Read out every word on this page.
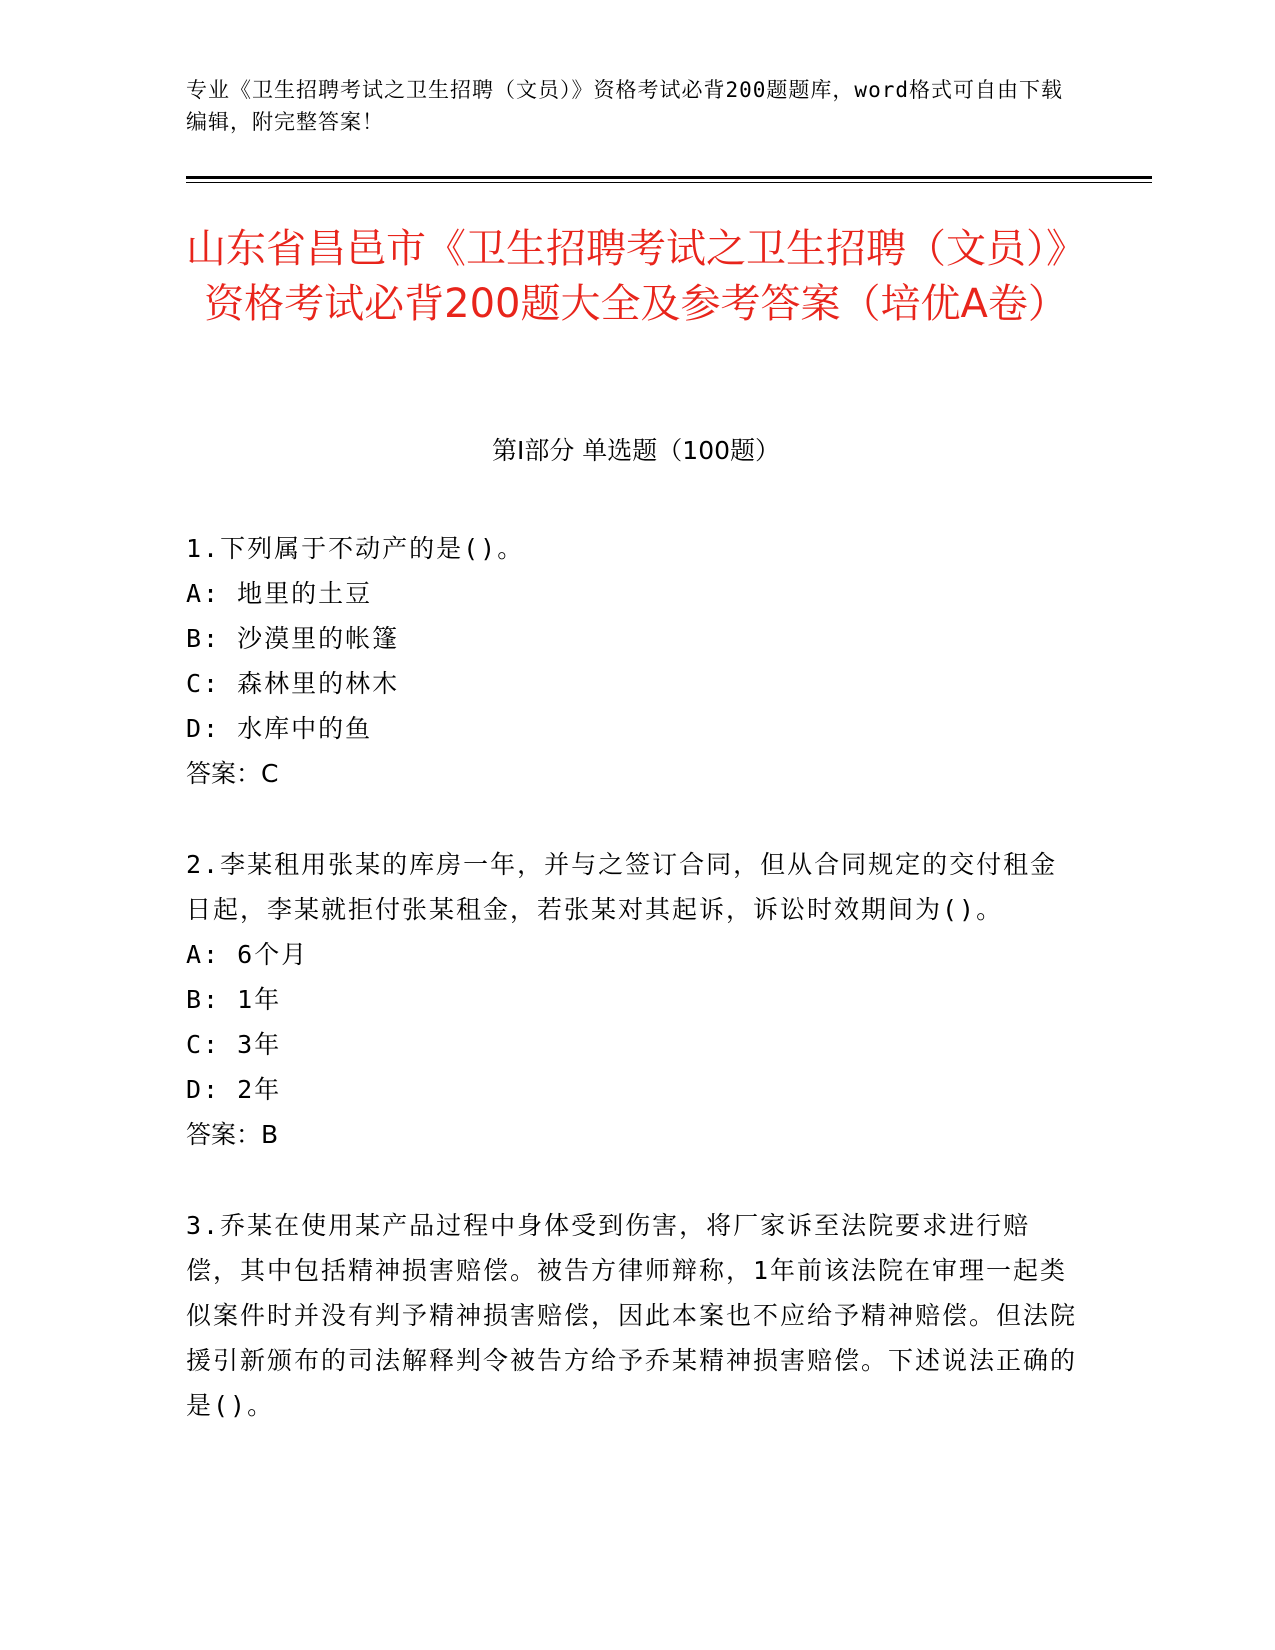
专业《卫生招聘考试之卫生招聘（文员）》资格考试必背200题题库，word格式可自由下载编辑，附完整答案！
山东省昌邑市《卫生招聘考试之卫生招聘（文员）》资格考试必背200题大全及参考答案（培优A卷）
第Ⅰ部分 单选题（100题）
1.下列属于不动产的是()。
A: 地里的土豆
B: 沙漠里的帐篷
C: 森林里的林木
D: 水库中的鱼
答案：C
2.李某租用张某的库房一年，并与之签订合同，但从合同规定的交付租金日起，李某就拒付张某租金，若张某对其起诉，诉讼时效期间为()。
A: 6个月
B: 1年
C: 3年
D: 2年
答案：B
3.乔某在使用某产品过程中身体受到伤害，将厂家诉至法院要求进行赔偿，其中包括精神损害赔偿。被告方律师辩称，1年前该法院在审理一起类似案件时并没有判予精神损害赔偿，因此本案也不应给予精神赔偿。但法院援引新颁布的司法解释判令被告方给予乔某精神损害赔偿。下述说法正确的是()。
